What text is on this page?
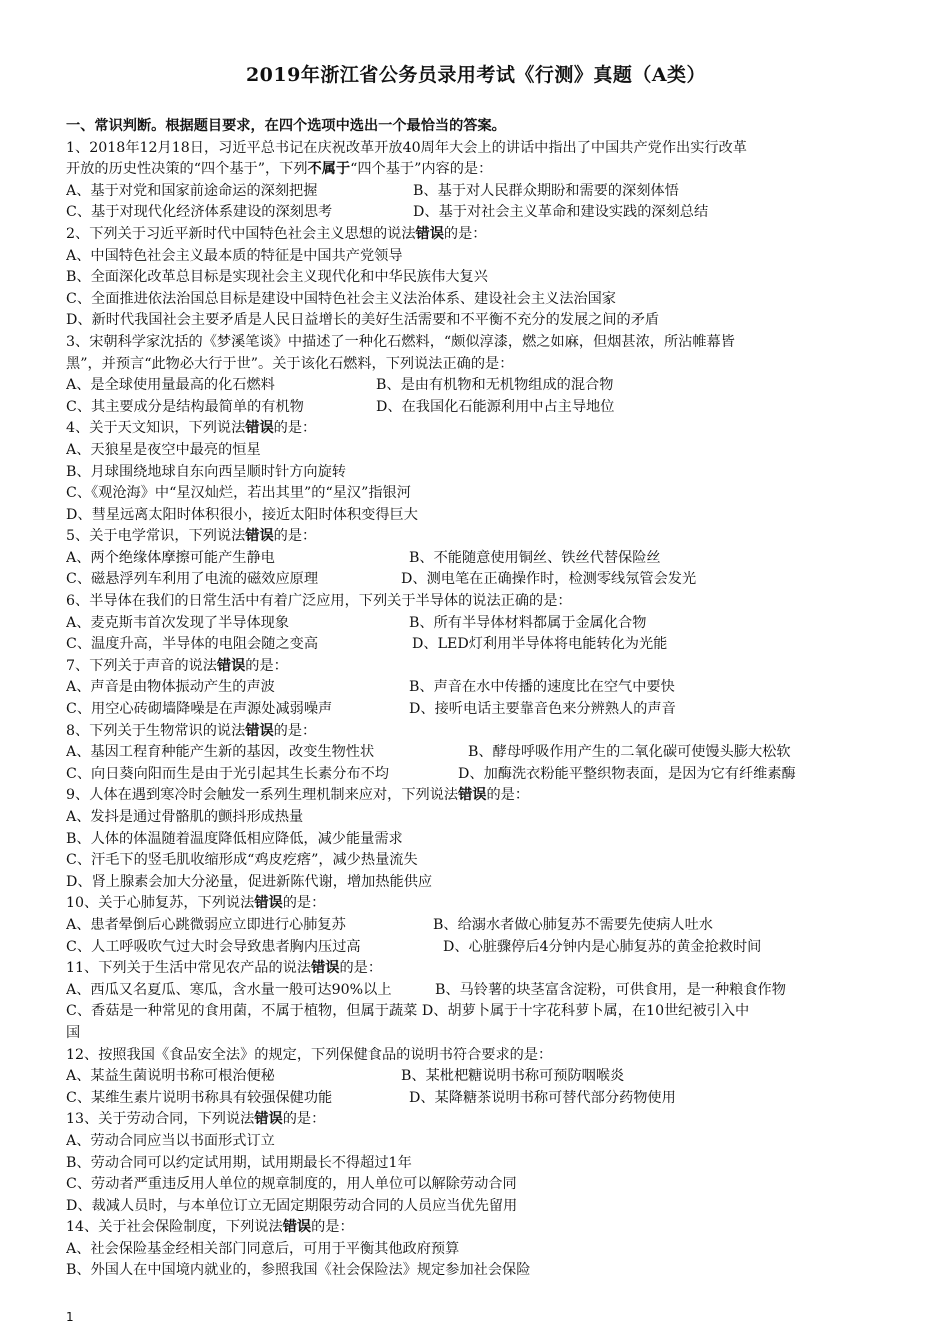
2019年浙江省公务员录用考试《行测》真题（A类）
一、常识判断。根据题目要求，在四个选项中选出一个最恰当的答案。
1、2018年12月18日，习近平总书记在庆祝改革开放40周年大会上的讲话中指出了中国共产党作出实行改革
开放的历史性决策的“四个基于”，下列不属于“四个基于”内容的是：
A、基于对党和国家前途命运的深刻把握	B、基于对人民群众期盼和需要的深刻体悟
C、基于对现代化经济体系建设的深刻思考	D、基于对社会主义革命和建设实践的深刻总结
2、下列关于习近平新时代中国特色社会主义思想的说法错误的是：
A、中国特色社会主义最本质的特征是中国共产党领导
B、全面深化改革总目标是实现社会主义现代化和中华民族伟大复兴
C、全面推进依法治国总目标是建设中国特色社会主义法治体系、建设社会主义法治国家
D、新时代我国社会主要矛盾是人民日益增长的美好生活需要和不平衡不充分的发展之间的矛盾
3、宋朝科学家沈括的《梦溪笔谈》中描述了一种化石燃料，“颇似淳漆，燃之如麻，但烟甚浓，所沾帷幕皆
黑”，并预言“此物必大行于世”。关于该化石燃料，下列说法正确的是：
A、是全球使用量最高的化石燃料	B、是由有机物和无机物组成的混合物
C、其主要成分是结构最简单的有机物	D、在我国化石能源利用中占主导地位
4、关于天文知识，下列说法错误的是：
A、天狼星是夜空中最亮的恒星
B、月球围绕地球自东向西呈顺时针方向旋转
C、《观沧海》中“星汉灿烂，若出其里”的“星汉”指银河
D、彗星远离太阳时体积很小，接近太阳时体积变得巨大
5、关于电学常识，下列说法错误的是：
A、两个绝缘体摩擦可能产生静电	B、不能随意使用铜丝、铁丝代替保险丝
C、磁悬浮列车利用了电流的磁效应原理	D、测电笔在正确操作时，检测零线氖管会发光
6、半导体在我们的日常生活中有着广泛应用，下列关于半导体的说法正确的是：
A、麦克斯韦首次发现了半导体现象	B、所有半导体材料都属于金属化合物
C、温度升高，半导体的电阻会随之变高	D、LED灯利用半导体将电能转化为光能
7、下列关于声音的说法错误的是：
A、声音是由物体振动产生的声波	B、声音在水中传播的速度比在空气中要快
C、用空心砖砌墙降噪是在声源处减弱噪声	D、接听电话主要靠音色来分辨熟人的声音
8、下列关于生物常识的说法错误的是：
A、基因工程育种能产生新的基因，改变生物性状	B、酵母呼吸作用产生的二氧化碳可使馒头膨大松软
C、向日葵向阳而生是由于光引起其生长素分布不均	D、加酶洗衣粉能平整织物表面，是因为它有纤维素酶
9、人体在遇到寒冷时会触发一系列生理机制来应对，下列说法错误的是：
A、发抖是通过骨骼肌的颤抖形成热量
B、人体的体温随着温度降低相应降低，减少能量需求
C、汗毛下的竖毛肌收缩形成“鸡皮疙瘩”，减少热量流失
D、肾上腺素会加大分泌量，促进新陈代谢，增加热能供应
10、关于心肺复苏，下列说法错误的是：
A、患者晕倒后心跳微弱应立即进行心肺复苏	B、给溺水者做心肺复苏不需要先使病人吐水
C、人工呼吸吹气过大时会导致患者胸内压过高	D、心脏骤停后4分钟内是心肺复苏的黄金抢救时间
11、下列关于生活中常见农产品的说法错误的是：
A、西瓜又名夏瓜、寒瓜，含水量一般可达90%以上	B、马铃薯的块茎富含淀粉，可供食用，是一种粮食作物
C、香菇是一种常见的食用菌，不属于植物，但属于蔬菜 D、胡萝卜属于十字花科萝卜属，在10世纪被引入中
国
12、按照我国《食品安全法》的规定，下列保健食品的说明书符合要求的是：
A、某益生菌说明书称可根治便秘	B、某枇杷糖说明书称可预防咽喉炎
C、某维生素片说明书称具有较强保健功能	D、某降糖茶说明书称可替代部分药物使用
13、关于劳动合同，下列说法错误的是：
A、劳动合同应当以书面形式订立
B、劳动合同可以约定试用期，试用期最长不得超过1年
C、劳动者严重违反用人单位的规章制度的，用人单位可以解除劳动合同
D、裁减人员时，与本单位订立无固定期限劳动合同的人员应当优先留用
14、关于社会保险制度，下列说法错误的是：
A、社会保险基金经相关部门同意后，可用于平衡其他政府预算
B、外国人在中国境内就业的，参照我国《社会保险法》规定参加社会保险
1
